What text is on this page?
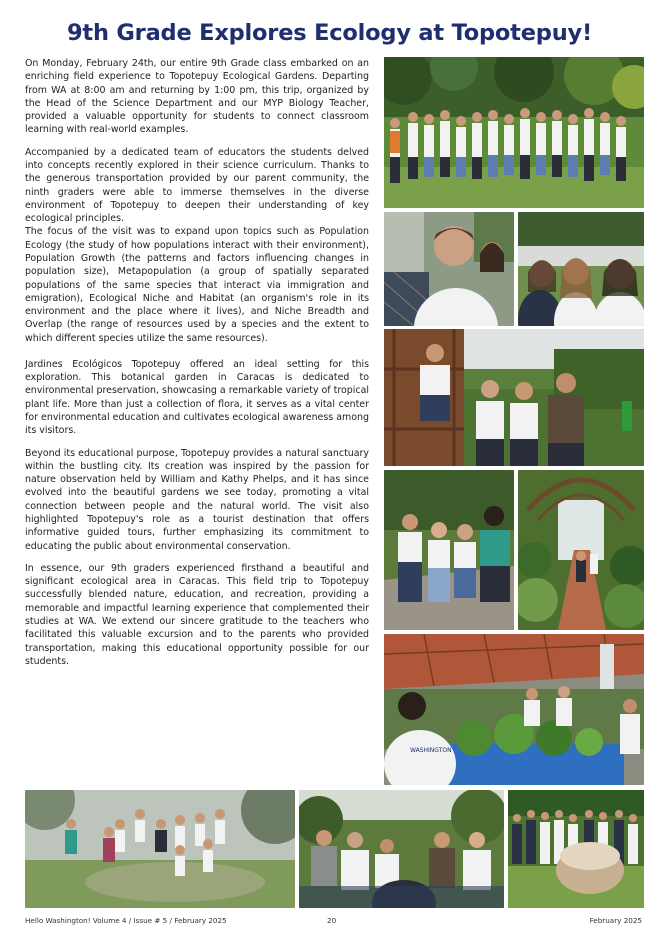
9th Grade Explores Ecology at Topotepuy!

On Monday, February 24th, our entire 9th Grade class embarked on an enriching field experience to Topotepuy Ecological Gardens. Departing from WA at 8:00 am and returning by 1:00 pm, this trip, organized by the Head of the Science Department and our MYP Biology Teacher, provided a valuable opportunity for students to connect classroom learning with real-world examples.

Accompanied by a dedicated team of educators the students delved into concepts recently explored in their science curriculum. Thanks to the generous transportation provided by our parent community, the ninth graders were able to immerse themselves in the diverse environment of Topotepuy to deepen their understanding of key ecological principles.

The focus of the visit was to expand upon topics such as Population Ecology (the study of how populations interact with their environment), Population Growth (the patterns and factors influencing changes in population size), Metapopulation (a group of spatially separated populations of the same species that interact via immigration and emigration), Ecological Niche and Habitat (an organism's role in its environment and the place where it lives), and Niche Breadth and Overlap (the range of resources used by a species and the extent to which different species utilize the same resources).

Jardines Ecológicos Topotepuy offered an ideal setting for this exploration. This botanical garden in Caracas is dedicated to environmental preservation, showcasing a remarkable variety of tropical plant life. More than just a collection of flora, it serves as a vital center for environmental education and cultivates ecological awareness among its visitors.

Beyond its educational purpose, Topotepuy provides a natural sanctuary within the bustling city. Its creation was inspired by the passion for nature observation held by William and Kathy Phelps, and it has since evolved into the beautiful gardens we see today, promoting a vital connection between people and the natural world. The visit also highlighted Topotepuy's role as a tourist destination that offers informative guided tours, further emphasizing its commitment to educating the public about environmental conservation.

In essence, our 9th graders experienced firsthand a beautiful and significant ecological area in Caracas. This field trip to Topotepuy successfully blended nature, education, and recreation, providing a memorable and impactful learning experience that complemented their studies at WA. We extend our sincere gratitude to the teachers who facilitated this valuable excursion and to the parents who provided transportation, making this educational opportunity possible for our students.

WASHINGTON
Hello Washington! Volume 4 / Issue # 5 / February 2025	20	February 2025
